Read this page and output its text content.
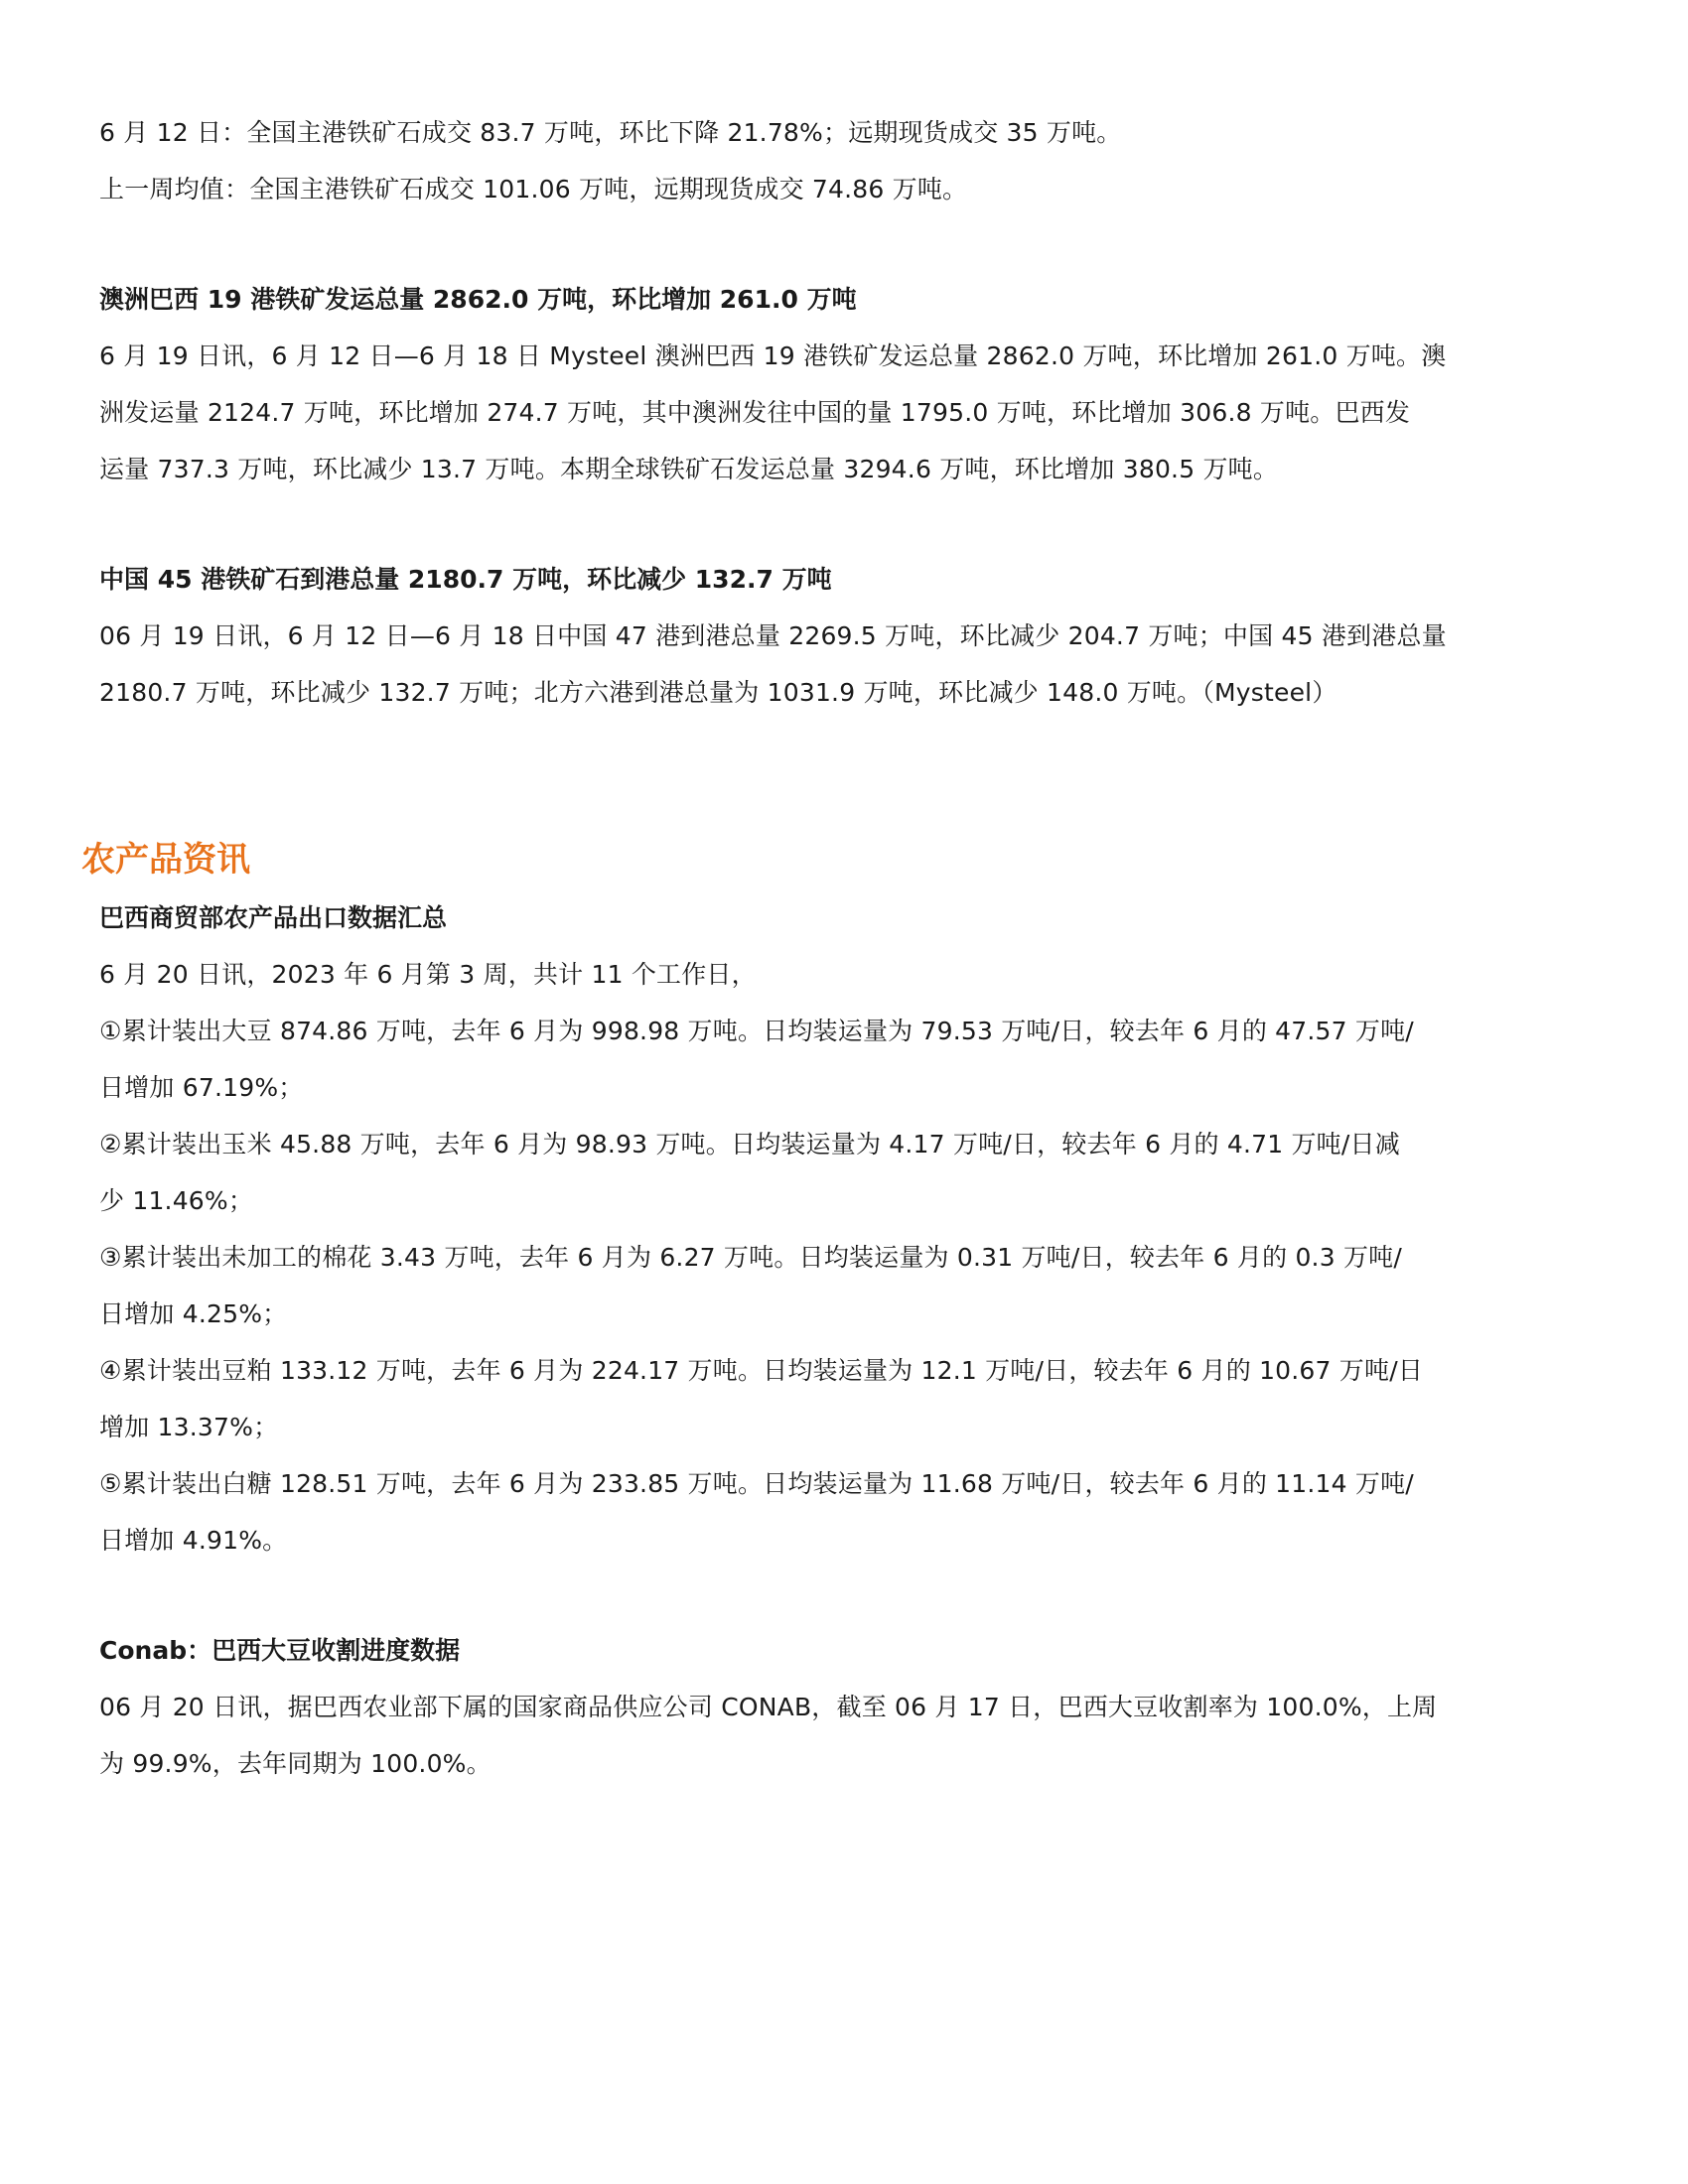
6 月 12 日：全国主港铁矿石成交 83.7 万吨，环比下降 21.78%；远期现货成交 35 万吨。

上一周均值：全国主港铁矿石成交 101.06 万吨，远期现货成交 74.86 万吨。

澳洲巴西 19 港铁矿发运总量 2862.0 万吨，环比增加 261.0 万吨

6 月 19 日讯，6 月 12 日—6 月 18 日 Mysteel 澳洲巴西 19 港铁矿发运总量 2862.0 万吨，环比增加 261.0 万吨。澳

洲发运量 2124.7 万吨，环比增加 274.7 万吨，其中澳洲发往中国的量 1795.0 万吨，环比增加 306.8 万吨。巴西发

运量 737.3 万吨，环比减少 13.7 万吨。本期全球铁矿石发运总量 3294.6 万吨，环比增加 380.5 万吨。

中国 45 港铁矿石到港总量 2180.7 万吨，环比减少 132.7 万吨

06 月 19 日讯，6 月 12 日—6 月 18 日中国 47 港到港总量 2269.5 万吨，环比减少 204.7 万吨；中国 45 港到港总量

2180.7 万吨，环比减少 132.7 万吨；北方六港到港总量为 1031.9 万吨，环比减少 148.0 万吨。（Mysteel）

农产品资讯

巴西商贸部农产品出口数据汇总

6 月 20 日讯，2023 年 6 月第 3 周，共计 11 个工作日，

①累计装出大豆 874.86 万吨，去年 6 月为 998.98 万吨。日均装运量为 79.53 万吨/日，较去年 6 月的 47.57 万吨/

日增加 67.19%；

②累计装出玉米 45.88 万吨，去年 6 月为 98.93 万吨。日均装运量为 4.17 万吨/日，较去年 6 月的 4.71 万吨/日减

少 11.46%；

③累计装出未加工的棉花 3.43 万吨，去年 6 月为 6.27 万吨。日均装运量为 0.31 万吨/日，较去年 6 月的 0.3 万吨/

日增加 4.25%；

④累计装出豆粕 133.12 万吨，去年 6 月为 224.17 万吨。日均装运量为 12.1 万吨/日，较去年 6 月的 10.67 万吨/日

增加 13.37%；

⑤累计装出白糖 128.51 万吨，去年 6 月为 233.85 万吨。日均装运量为 11.68 万吨/日，较去年 6 月的 11.14 万吨/

日增加 4.91%。

Conab：巴西大豆收割进度数据

06 月 20 日讯，据巴西农业部下属的国家商品供应公司 CONAB，截至 06 月 17 日，巴西大豆收割率为 100.0%，上周

为 99.9%，去年同期为 100.0%。
